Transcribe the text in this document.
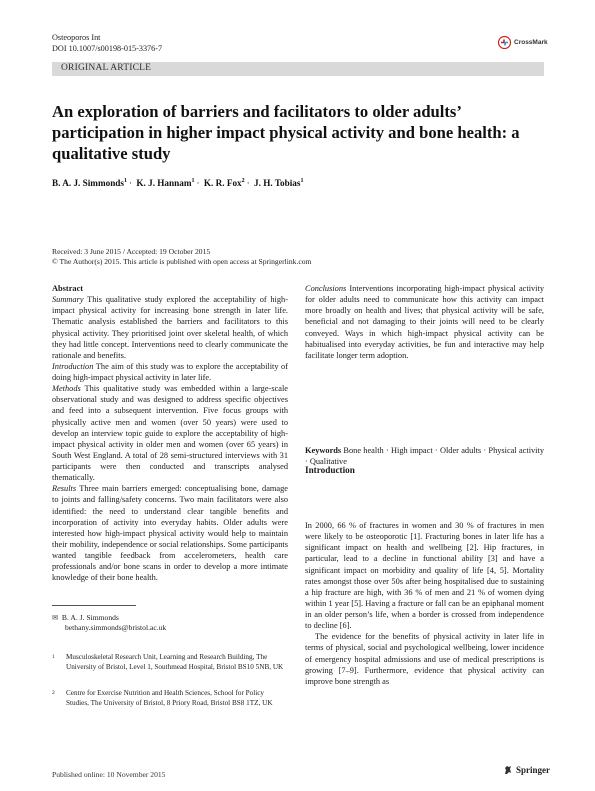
Osteoporos Int
DOI 10.1007/s00198-015-3376-7
CrossMark
ORIGINAL ARTICLE
An exploration of barriers and facilitators to older adults’ participation in higher impact physical activity and bone health: a qualitative study
B. A. J. Simmonds$^1$ · K. J. Hannam$^1$ · K. R. Fox$^2$ · J. H. Tobias$^1$
Received: 3 June 2015 / Accepted: 19 October 2015
© The Author(s) 2015. This article is published with open access at Springerlink.com

Abstract

Summary This qualitative study explored the acceptability of high-impact physical activity for increasing bone strength in later life. Thematic analysis established the barriers and facilitators to this physical activity. They prioritised joint over skeletal health, of which they had little concept. Interventions need to clearly communicate the rationale and benefits.

Introduction The aim of this study was to explore the acceptability of doing high-impact physical activity in later life.

Methods This qualitative study was embedded within a large-scale observational study and was designed to address specific objectives and feed into a subsequent intervention. Five focus groups with physically active men and women (over 50 years) were used to develop an interview topic guide to explore the acceptability of high-impact physical activity in older men and women (over 65 years) in South West England. A total of 28 semi-structured interviews with 31 participants were then conducted and transcripts analysed thematically.

Results Three main barriers emerged: conceptualising bone, damage to joints and falling/safety concerns. Two main facilitators were also identified: the need to understand clear tangible benefits and incorporation of activity into everyday habits. Older adults were interested how high-impact physical activity would help to maintain their mobility, independence or social relationships. Some participants wanted tangible feedback from accelerometers, health care professionals and/or bone scans in order to develop a more intimate knowledge of their bone health.

Conclusions Interventions incorporating high-impact physical activity for older adults need to communicate how this activity can impact more broadly on health and lives; that physical activity will be safe, beneficial and not damaging to their joints will need to be clearly conveyed. Ways in which high-impact physical activity can be habitualised into everyday activities, be fun and interactive may help facilitate longer term adoption.

Keywords Bone health · High impact · Older adults · Physical activity · Qualitative
Introduction

In 2000, 66 % of fractures in women and 30 % of fractures in men were likely to be osteoporotic [1]. Fracturing bones in later life has a significant impact on health and wellbeing [2]. Hip fractures, in particular, lead to a decline in functional ability [3] and have a significant impact on morbidity and quality of life [4, 5]. Mortality rates amongst those over 50s after being hospitalised due to sustaining a hip fracture are high, with 36 % of men and 21 % of women dying within 1 year [5]. Having a fracture or fall can be an epiphanal moment in an older person’s life, when a border is crossed from independence to decline [6].

The evidence for the benefits of physical activity in later life in terms of physical, social and psychological wellbeing, lower incidence of emergency hospital admissions and use of medical prescriptions is growing [7–9]. Furthermore, evidence that physical activity can improve bone strength as

✉ B. A. J. Simmonds
bethany.simmonds@bristol.ac.uk
1 Musculoskeletal Research Unit, Learning and Research Building, The University of Bristol, Level 1, Southmead Hospital, Bristol BS10 5NB, UK
2 Centre for Exercise Nutrition and Health Sciences, School for Policy Studies, The University of Bristol, 8 Priory Road, Bristol BS8 1TZ, UK
Published online: 10 November 2015	Springer
